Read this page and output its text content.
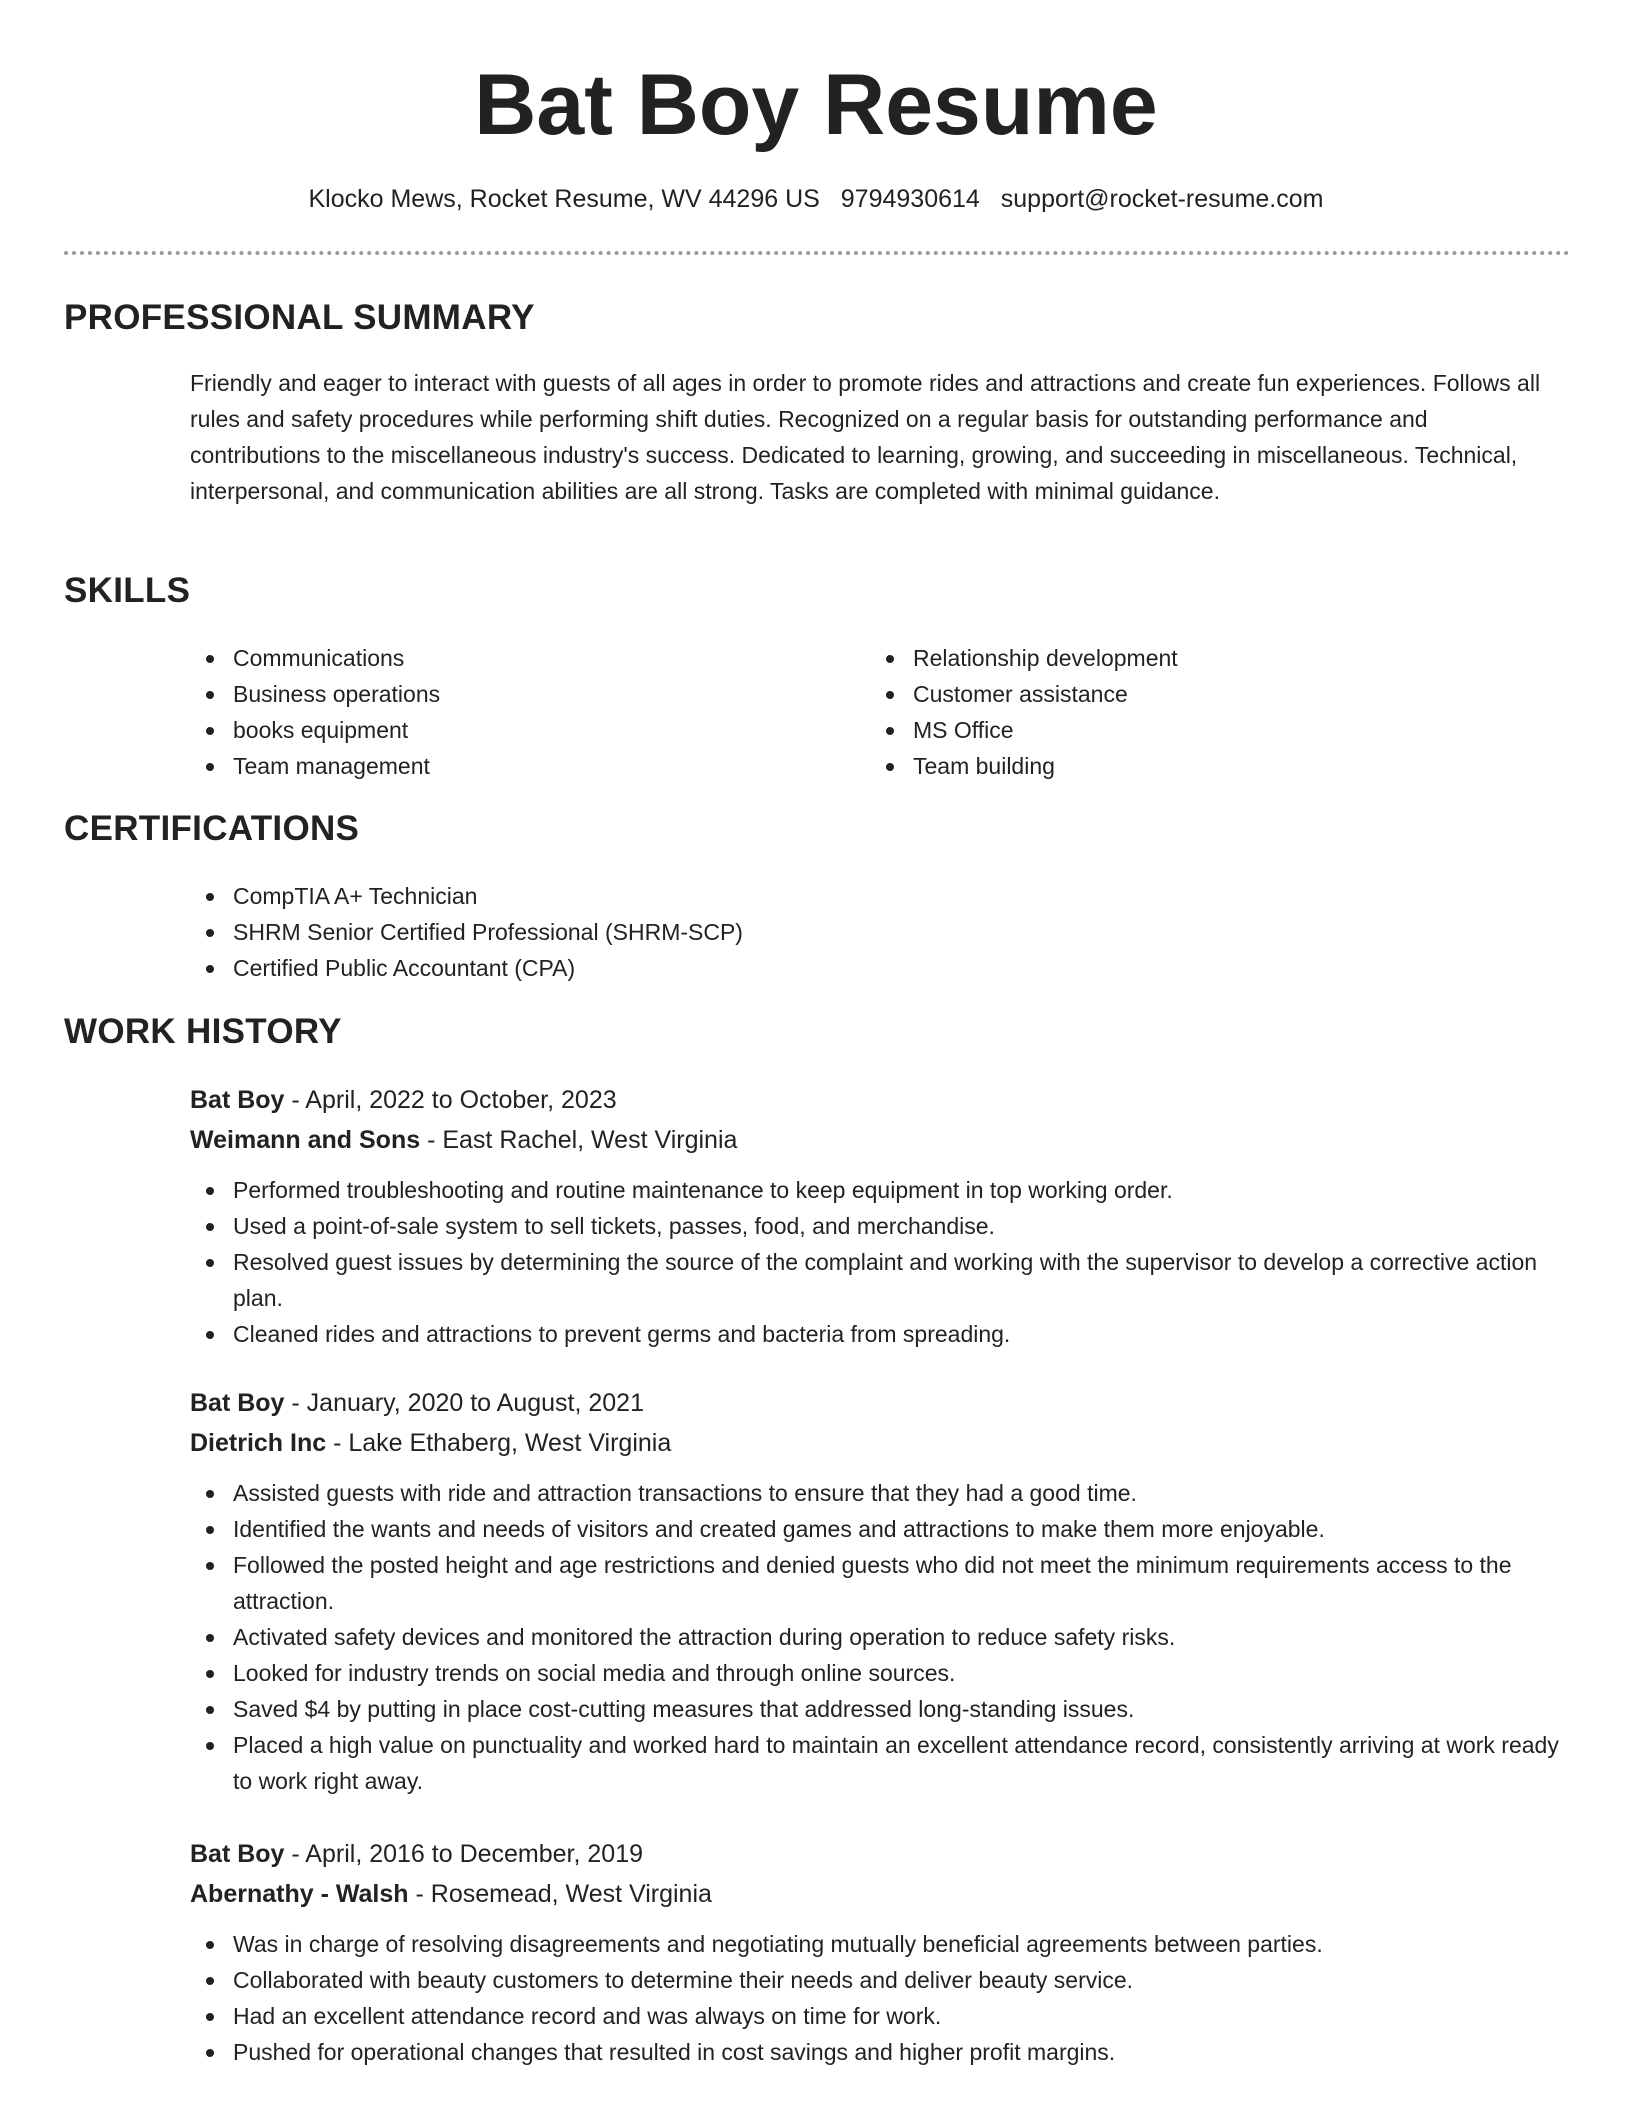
Bat Boy Resume
Klocko Mews, Rocket Resume, WV 44296 US 9794930614 support@rocket-resume.com
PROFESSIONAL SUMMARY

Friendly and eager to interact with guests of all ages in order to promote rides and attractions and create fun experiences. Follows all rules and safety procedures while performing shift duties. Recognized on a regular basis for outstanding performance and contributions to the miscellaneous industry's success. Dedicated to learning, growing, and succeeding in miscellaneous. Technical, interpersonal, and communication abilities are all strong. Tasks are completed with minimal guidance.

SKILLS
Communications
Business operations
books equipment
Team management
Relationship development
Customer assistance
MS Office
Team building
CERTIFICATIONS
CompTIA A+ Technician
SHRM Senior Certified Professional (SHRM-SCP)
Certified Public Accountant (CPA)
WORK HISTORY

Bat Boy - April, 2022 to October, 2023

Weimann and Sons - East Rachel, West Virginia

Performed troubleshooting and routine maintenance to keep equipment in top working order.
Used a point-of-sale system to sell tickets, passes, food, and merchandise.
Resolved guest issues by determining the source of the complaint and working with the supervisor to develop a corrective action plan.
Cleaned rides and attractions to prevent germs and bacteria from spreading.

Bat Boy - January, 2020 to August, 2021

Dietrich Inc - Lake Ethaberg, West Virginia

Assisted guests with ride and attraction transactions to ensure that they had a good time.
Identified the wants and needs of visitors and created games and attractions to make them more enjoyable.
Followed the posted height and age restrictions and denied guests who did not meet the minimum requirements access to the attraction.
Activated safety devices and monitored the attraction during operation to reduce safety risks.
Looked for industry trends on social media and through online sources.
Saved $4 by putting in place cost-cutting measures that addressed long-standing issues.
Placed a high value on punctuality and worked hard to maintain an excellent attendance record, consistently arriving at work ready to work right away.

Bat Boy - April, 2016 to December, 2019

Abernathy - Walsh - Rosemead, West Virginia

Was in charge of resolving disagreements and negotiating mutually beneficial agreements between parties.
Collaborated with beauty customers to determine their needs and deliver beauty service.
Had an excellent attendance record and was always on time for work.
Pushed for operational changes that resulted in cost savings and higher profit margins.
